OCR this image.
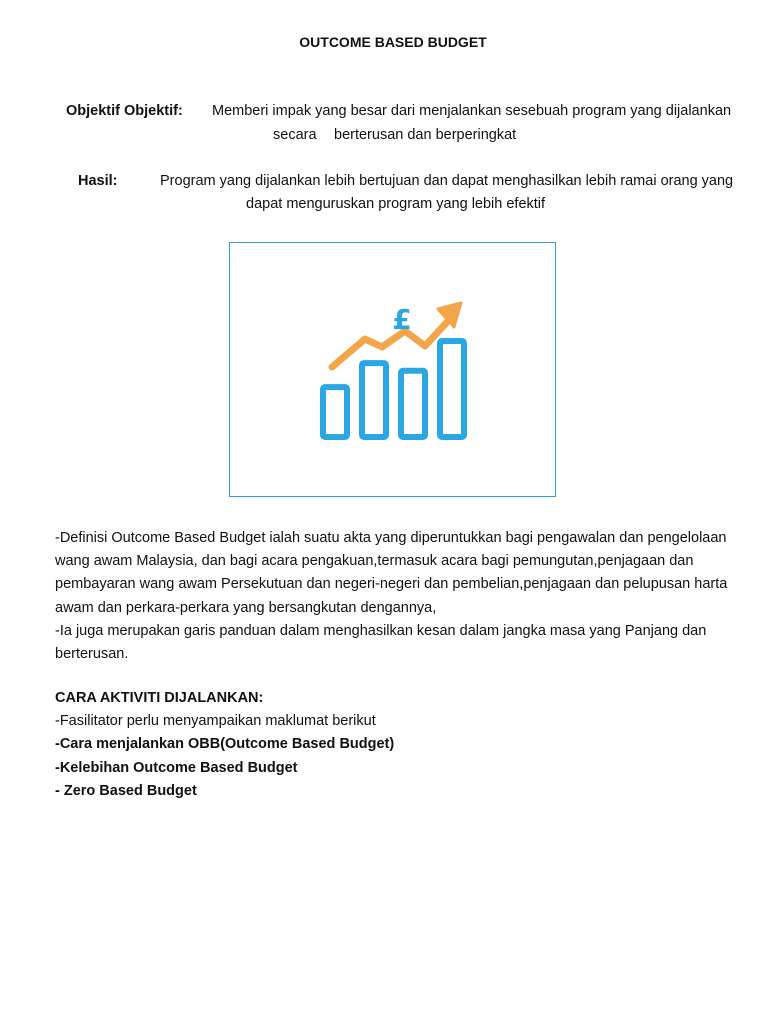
OUTCOME BASED BUDGET
Objektif Objektif: Memberi impak yang besar dari menjalankan sesebuah program yang dijalankan
secara berterusan dan berperingkat
Hasil:	Program yang dijalankan lebih bertujuan dan dapat menghasilkan lebih ramai orang yang
dapat menguruskan program yang lebih efektif
£

-Definisi Outcome Based Budget ialah suatu akta yang diperuntukkan bagi pengawalan dan pengelolaan wang awam Malaysia, dan bagi acara pengakuan,termasuk acara bagi pemungutan,penjagaan dan pembayaran wang awam Persekutuan dan negeri-negeri dan pembelian,penjagaan dan pelupusan harta awam dan perkara-perkara yang bersangkutan dengannya,

-Ia juga merupakan garis panduan dalam menghasilkan kesan dalam jangka masa yang Panjang dan berterusan.

CARA AKTIVITI DIJALANKAN:
-Fasilitator perlu menyampaikan maklumat berikut
-Cara menjalankan OBB(Outcome Based Budget)
-Kelebihan Outcome Based Budget
- Zero Based Budget
